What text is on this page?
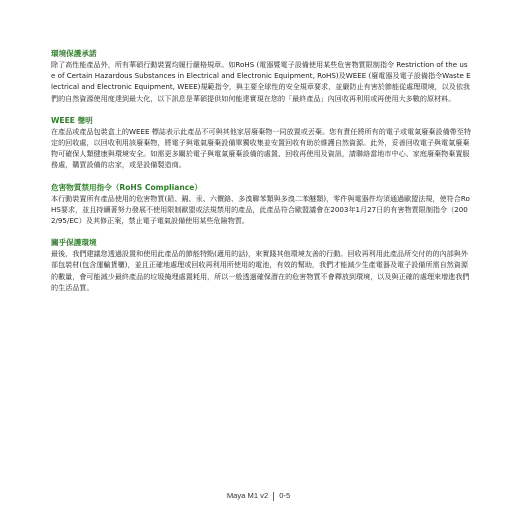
環境保護承諾

除了高性能產品外，所有華碩行動裝置均履行嚴格規章。如RoHS (電器暨電子設備使用某些危害物質限制指令 Restriction of the use of Certain Hazardous Substances in Electrical and Electronic Equipment, RoHS)及WEEE (廢電器及電子設備指令Waste Electrical and Electronic Equipment, WEEE)規範指令，與主要全球性的安全規章要求，並嚴防止有害於節能從處理環境，以及依我們的自然資源使用度達到最大化，以下訊息是華碩提供如何能達實現在您的「最終產品」內回收再利用或再使用大多數的原材料。

WEEE 聲明

在產品或產品包裝盒上的WEEE 標誌表示此產品不可與其他家居廢棄物一同放置或丟棄。您有責任將所有的電子或電氣廢棄設備帶至特定的回收處，以回收利用該廢棄物，將電子與電氣廢棄設備單獨收集並安置回收有助於維護自然資源。此外，妥善回收電子與電氣廢棄物可確保人類健康與環境安全。如需更多關於電子與電氣廢棄設備的處置、回收再使用及資訊，請聯絡當地市中心、家庭廢棄物棄置服務處，購買設備的店家，或是設備製造商。

危害物質禁用指令（RoHS Compliance）

本行動裝置所有產品使用的危害物質(鉛、鎘、汞、六價鉻、多溴聯苯類與多溴二苯醚類)，零件與電器件均須通過歐盟法規，使符合RoHS要求，並且持續著努力發展不使用限制歐盟或法規禁用的產品，此產品符合歐盟議會在2003年1月27日的有害物質限制指令（2002/95/EC）及其修正案，禁止電子電氣設備使用某些危險物質。

關乎保護環境

最後，我們建議您透過設置和使用此產品的節能特點(適用的話)，來實踐其他環境友善的行動。回收再利用此產品所交付的的內部與外部包裝材(包含運輸貨櫃)，並且正確地處理或回收再利用所使用的電池，有效的幫助，我們才能減少生產電器及電子設備所需自然資源的數量，會可能減少最終產品的垃圾掩埋處置耗用，所以一般透過確保潛在的危害物質不會釋放到環境，以及與正確的處理來增進我們的生活品質。

Maya M1 v2 0-5
